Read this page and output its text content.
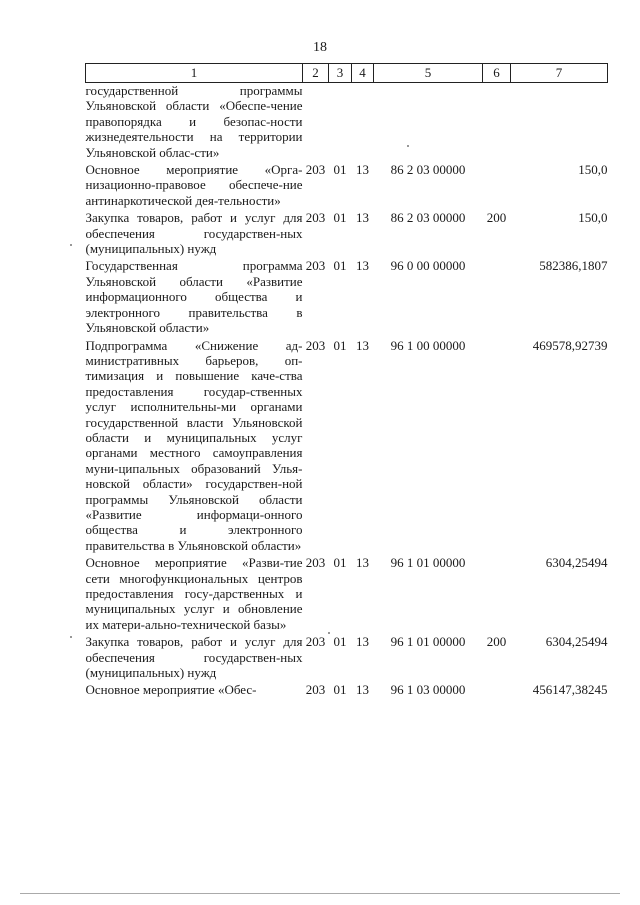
18
1	2	3	4	5	6	7
государственной программы Ульяновской области «Обеспе-чение правопорядка и безопас-ности жизнедеятельности на территории Ульяновской облас-сти»						
Основное мероприятие «Орга-низационно-правовое обеспече-ние антинаркотической дея-тельности»	203	01	13	86 2 03 00000		150,0
Закупка товаров, работ и услуг для обеспечения государствен-ных (муниципальных) нужд	203	01	13	86 2 03 00000	200	150,0
Государственная программа Ульяновской области «Развитие информационного общества и электронного правительства в Ульяновской области»	203	01	13	96 0 00 00000		582386,1807
Подпрограмма «Снижение ад-министративных барьеров, оп-тимизация и повышение каче-ства предоставления государ-ственных услуг исполнительны-ми органами государственной власти Ульяновской области и муниципальных услуг органами местного самоуправления муни-ципальных образований Улья-новской области» государствен-ной программы Ульяновской области «Развитие информаци-онного общества и электронного правительства в Ульяновской области»	203	01	13	96 1 00 00000		469578,92739
Основное мероприятие «Разви-тие сети многофункциональных центров предоставления госу-дарственных и муниципальных услуг и обновление их матери-ально-технической базы»	203	01	13	96 1 01 00000		6304,25494
Закупка товаров, работ и услуг для обеспечения государствен-ных (муниципальных) нужд	203	01	13	96 1 01 00000	200	6304,25494
Основное мероприятие «Обес-	203	01	13	96 1 03 00000		456147,38245
